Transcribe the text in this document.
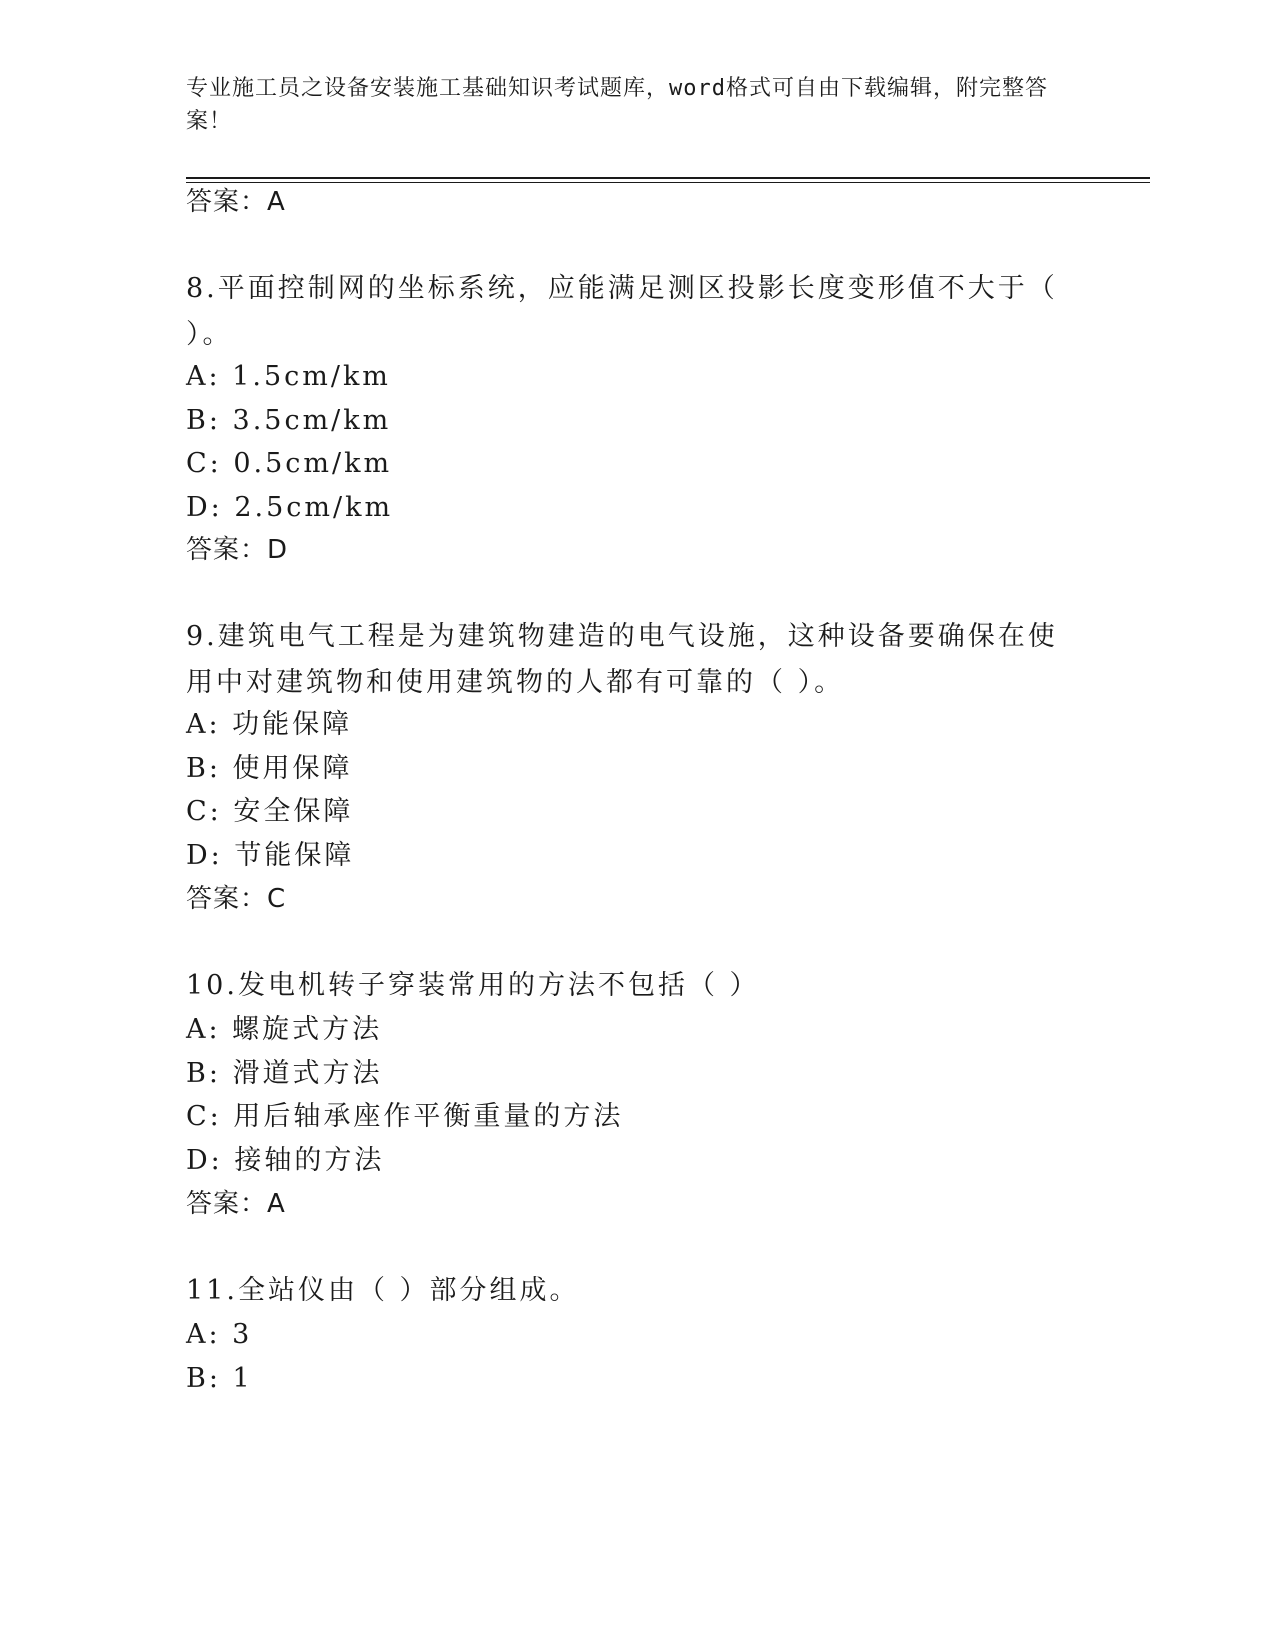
专业施工员之设备安装施工基础知识考试题库，word格式可自由下载编辑，附完整答案！
答案：A
8.平面控制网的坐标系统，应能满足测区投影长度变形值不大于（ ）。
A: 1.5cm/km
B: 3.5cm/km
C: 0.5cm/km
D: 2.5cm/km
答案：D
9.建筑电气工程是为建筑物建造的电气设施，这种设备要确保在使用中对建筑物和使用建筑物的人都有可靠的（ ）。
A: 功能保障
B: 使用保障
C: 安全保障
D: 节能保障
答案：C
10.发电机转子穿装常用的方法不包括（ ）
A: 螺旋式方法
B: 滑道式方法
C: 用后轴承座作平衡重量的方法
D: 接轴的方法
答案：A
11.全站仪由（ ）部分组成。
A: 3
B: 1
